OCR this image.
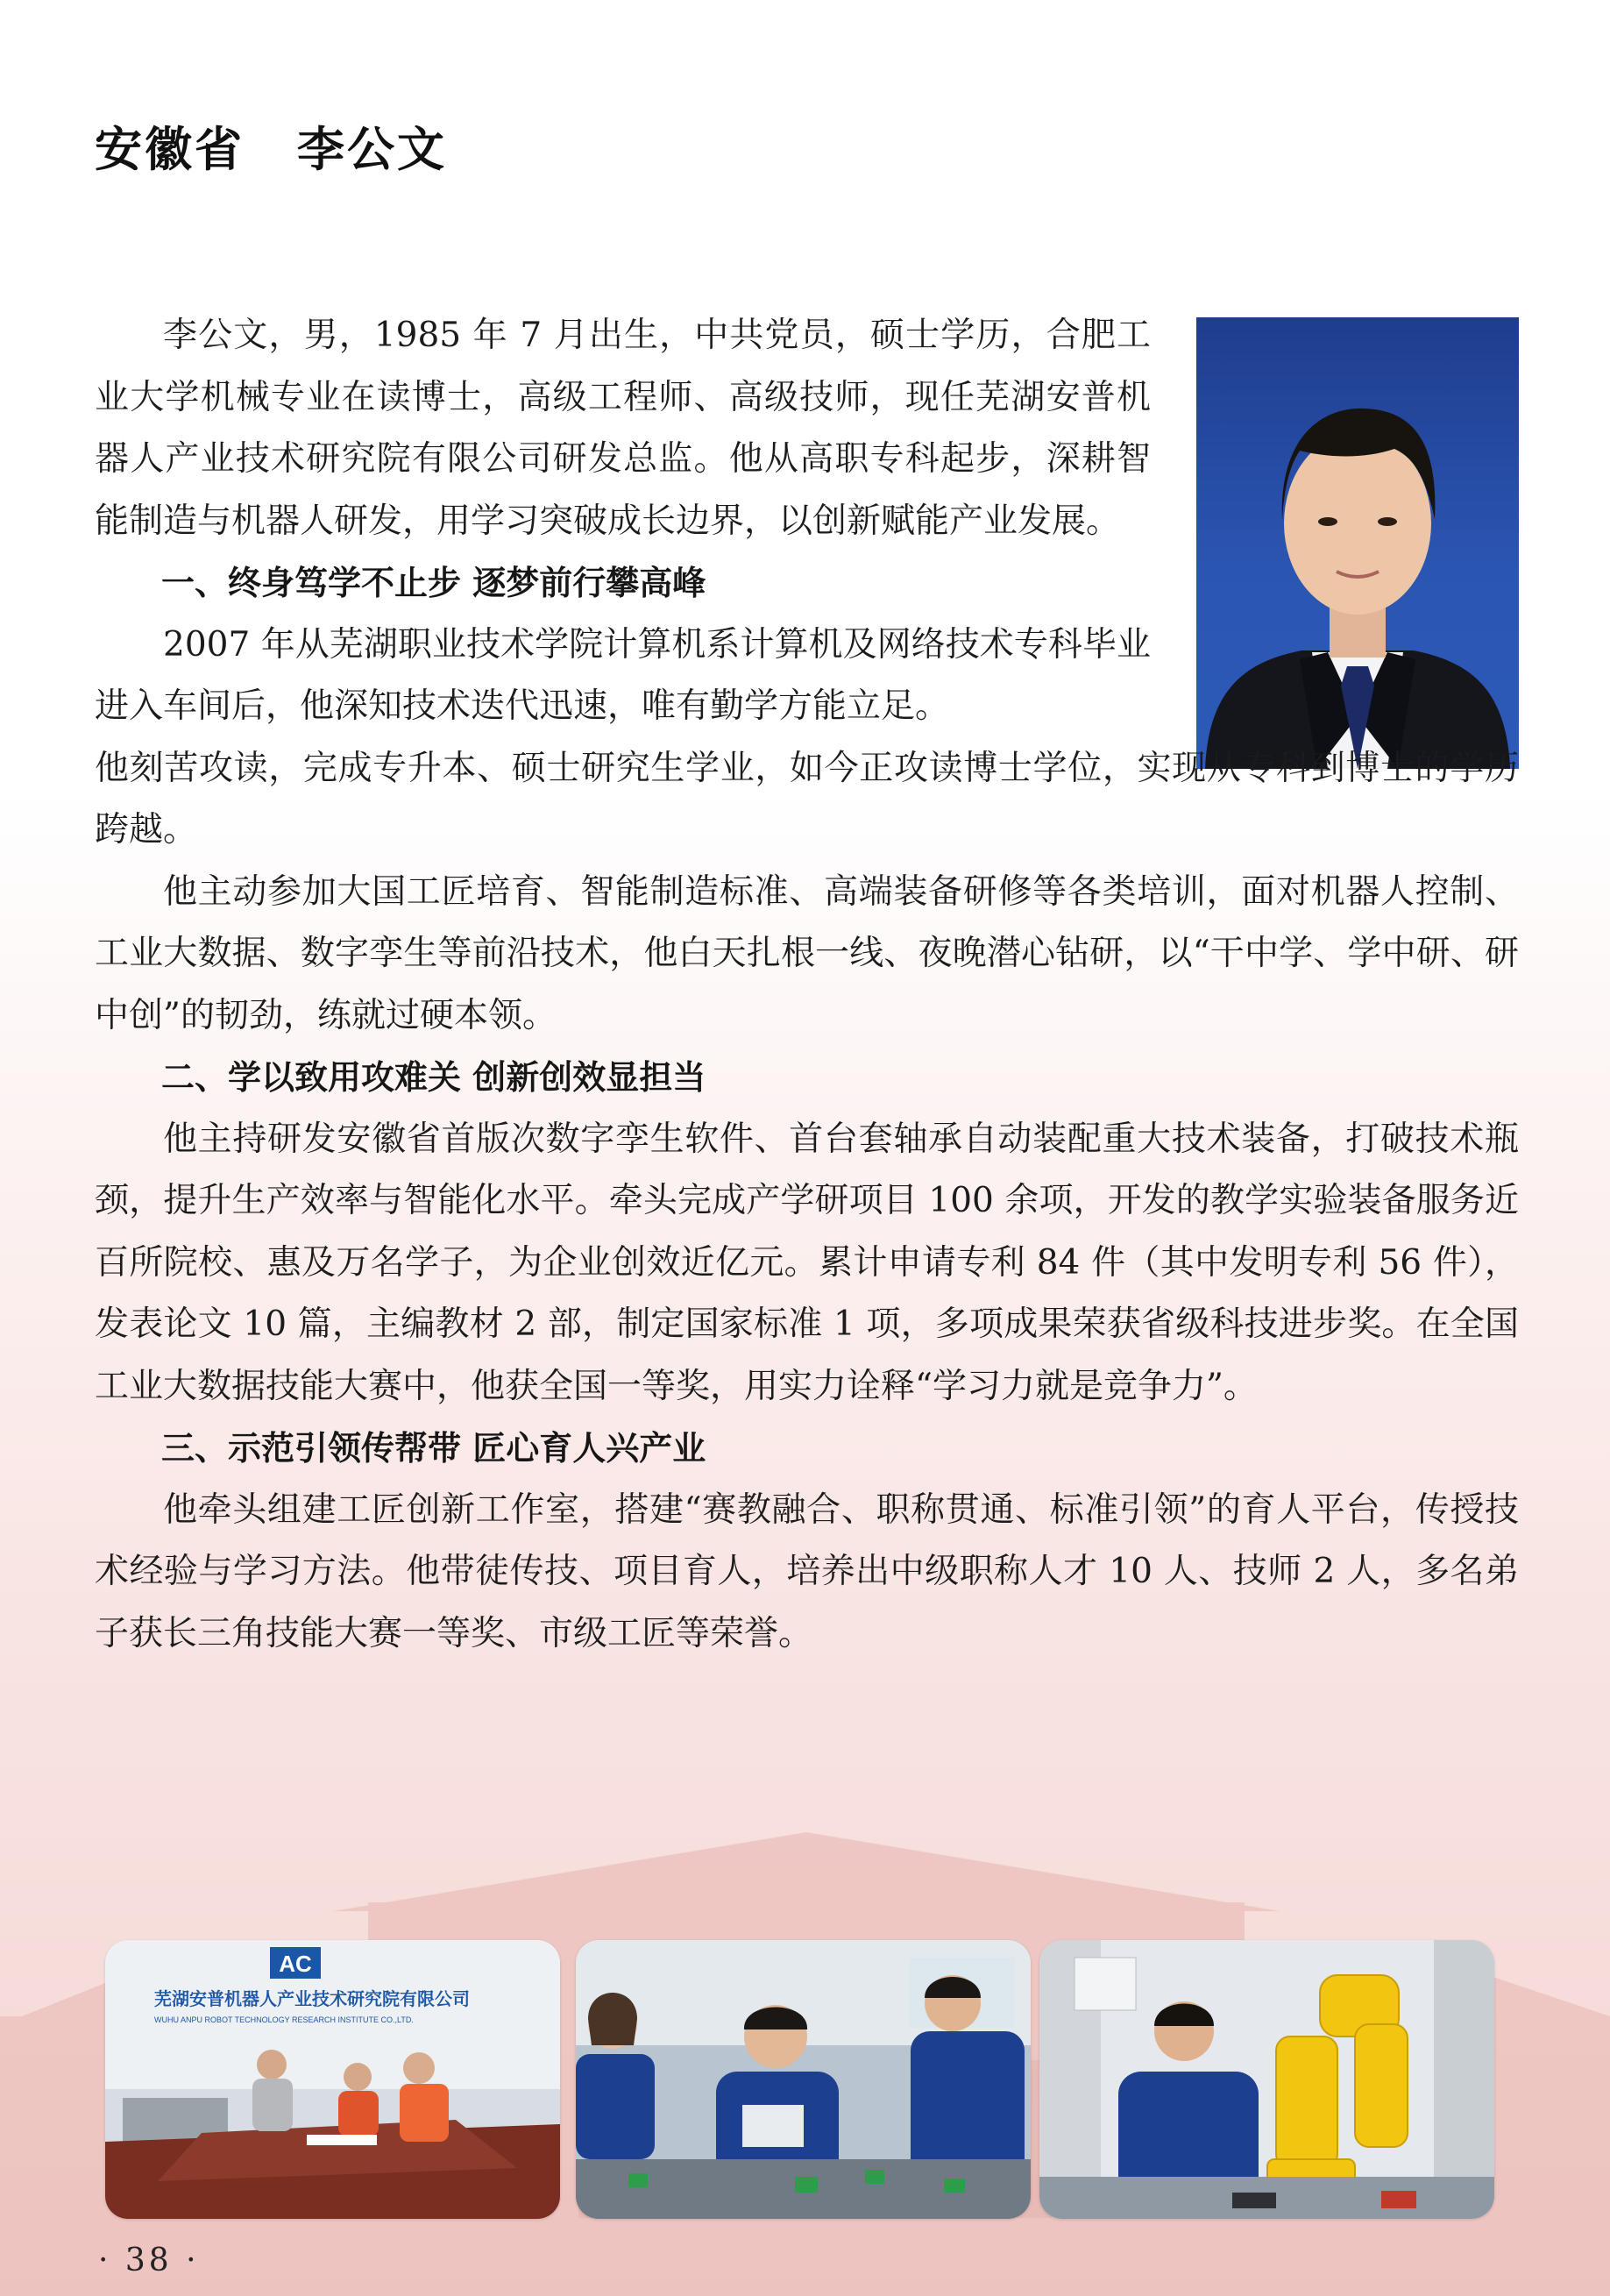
安徽省 李公文

李公文，男，1985 年 7 月出生，中共党员，硕士学历，合肥工业大学机械专业在读博士，高级工程师、高级技师，现任芜湖安普机器人产业技术研究院有限公司研发总监。他从高职专科起步，深耕智能制造与机器人研发，用学习突破成长边界，以创新赋能产业发展。

一、终身笃学不止步 逐梦前行攀高峰

2007 年从芜湖职业技术学院计算机系计算机及网络技术专科毕业进入车间后，他深知技术迭代迅速，唯有勤学方能立足。

他刻苦攻读，完成专升本、硕士研究生学业，如今正攻读博士学位，实现从专科到博士的学历跨越。

他主动参加大国工匠培育、智能制造标准、高端装备研修等各类培训，面对机器人控制、工业大数据、数字孪生等前沿技术，他白天扎根一线、夜晚潜心钻研，以“干中学、学中研、研中创”的韧劲，练就过硬本领。

二、学以致用攻难关 创新创效显担当

他主持研发安徽省首版次数字孪生软件、首台套轴承自动装配重大技术装备，打破技术瓶颈，提升生产效率与智能化水平。牵头完成产学研项目 100 余项，开发的教学实验装备服务近百所院校、惠及万名学子，为企业创效近亿元。累计申请专利 84 件（其中发明专利 56 件），发表论文 10 篇，主编教材 2 部，制定国家标准 1 项，多项成果荣获省级科技进步奖。在全国工业大数据技能大赛中，他获全国一等奖，用实力诠释“学习力就是竞争力”。

三、示范引领传帮带 匠心育人兴产业

他牵头组建工匠创新工作室，搭建“赛教融合、职称贯通、标准引领”的育人平台，传授技术经验与学习方法。他带徒传技、项目育人，培养出中级职称人才 10 人、技师 2 人，多名弟子获长三角技能大赛一等奖、市级工匠等荣誉。

AC
芜湖安普机器人产业技术研究院有限公司
WUHU ANPU ROBOT TECHNOLOGY RESEARCH INSTITUTE CO.,LTD.
· 38 ·
